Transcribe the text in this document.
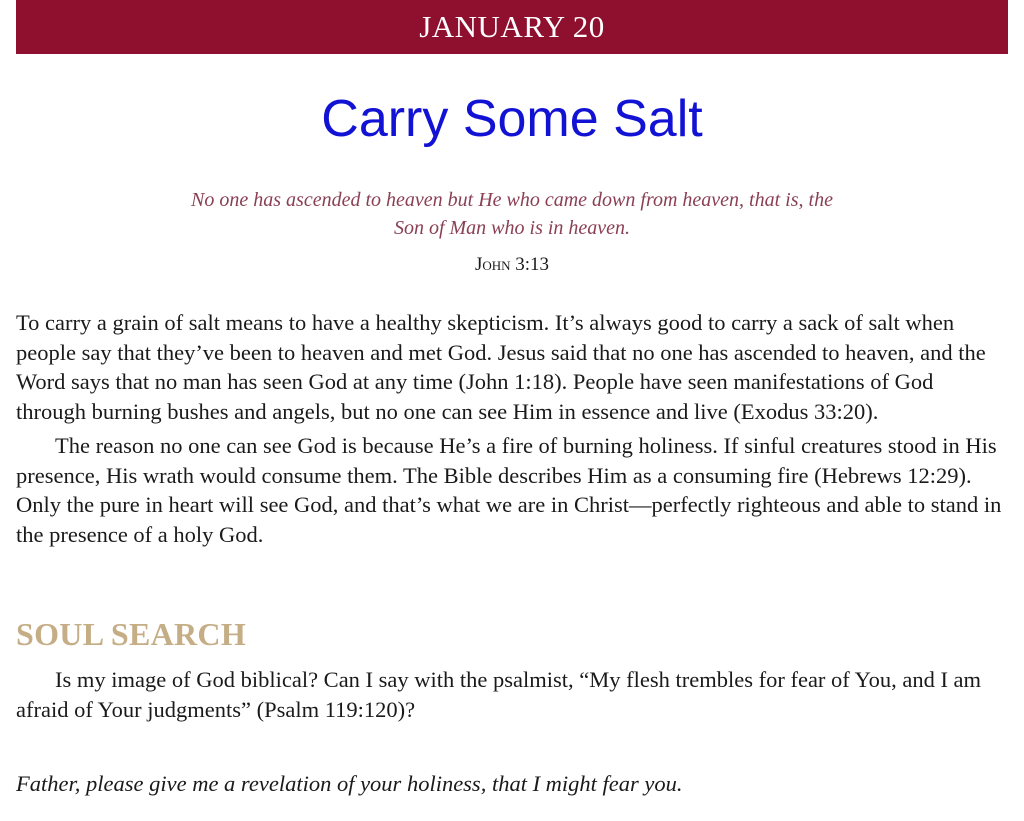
JANUARY 20
Carry Some Salt
No one has ascended to heaven but He who came down from heaven, that is, the Son of Man who is in heaven.
John 3:13

To carry a grain of salt means to have a healthy skepticism. It’s always good to carry a sack of salt when people say that they’ve been to heaven and met God. Jesus said that no one has ascended to heaven, and the Word says that no man has seen God at any time (John 1:18). People have seen manifestations of God through burning bushes and angels, but no one can see Him in essence and live (Exodus 33:20).

The reason no one can see God is because He’s a fire of burning holiness. If sinful creatures stood in His presence, His wrath would consume them. The Bible describes Him as a consuming fire (Hebrews 12:29). Only the pure in heart will see God, and that’s what we are in Christ—perfectly righteous and able to stand in the presence of a holy God.

SOUL SEARCH
Is my image of God biblical? Can I say with the psalmist, “My flesh trembles for fear of You, and I am afraid of Your judgments” (Psalm 119:120)?
Father, please give me a revelation of your holiness, that I might fear you.
